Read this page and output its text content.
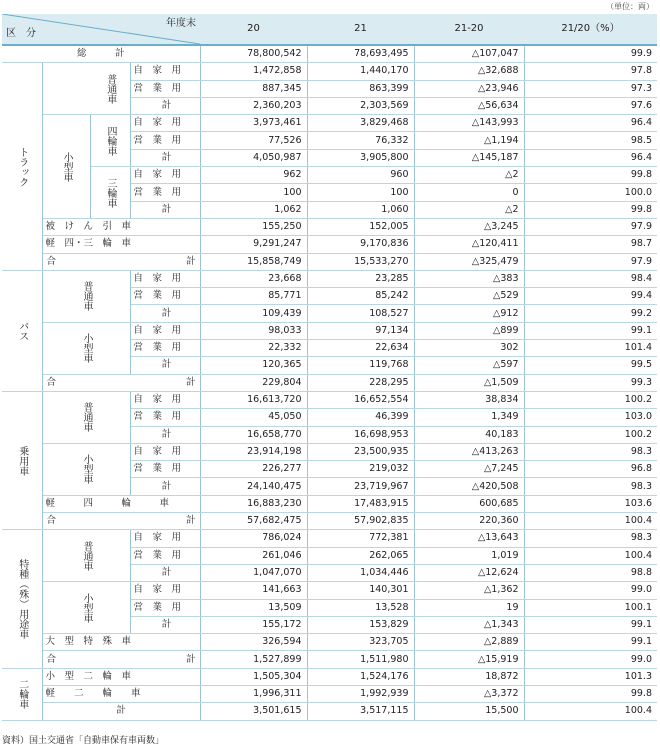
（単位：両）
年度末
区　分				20	21	21-20	21/20（%）
総　　　計				78,800,542	78,693,495	△107,047	99.9
トラック		普通車	自　家　用	1,472,858	1,440,170	△32,688	97.8
			営　業　用	887,345	863,399	△23,946	97.3
			計	2,360,203	2,303,569	△56,634	97.6
	小型車	四輪車	自　家　用	3,973,461	3,829,468	△143,993	96.4
			営　業　用	77,526	76,332	△1,194	98.5
			計	4,050,987	3,905,800	△145,187	96.4
		三輪車	自　家　用	962	960	△2	99.8
			営　業　用	100	100	0	100.0
			計	1,062	1,060	△2	99.8
	被　け　ん　引　車			155,250	152,005	△3,245	97.9
	軽　四・三　輪　車			9,291,247	9,170,836	△120,411	98.7

	合 計			15,858,749	15,533,270	△325,479	97.9
バス	普通車		自　家　用	23,668	23,285	△383	98.4
			営　業　用	85,771	85,242	△529	99.4
			計	109,439	108,527	△912	99.2
	小型車		自　家　用	98,033	97,134	△899	99.1
			営　業　用	22,332	22,634	302	101.4
			計	120,365	119,768	△597	99.5

	合 計			229,804	228,295	△1,509	99.3
乗用車	普通車		自　家　用	16,613,720	16,652,554	38,834	100.2
			営　業　用	45,050	46,399	1,349	103.0
			計	16,658,770	16,698,953	40,183	100.2
	小型車		自　家　用	23,914,198	23,500,935	△413,263	98.3
			営　業　用	226,277	219,032	△7,245	96.8
			計	24,140,475	23,719,967	△420,508	98.3
	軽　　　四　　　輪　　　車			16,883,230	17,483,915	600,685	103.6

	合 計			57,682,475	57,902,835	220,360	100.4
特種（殊）用途車	普通車		自　家　用	786,024	772,381	△13,643	98.3
			営　業　用	261,046	262,065	1,019	100.4
			計	1,047,070	1,034,446	△12,624	98.8
	小型車		自　家　用	141,663	140,301	△1,362	99.0
			営　業　用	13,509	13,528	19	100.1
			計	155,172	153,829	△1,343	99.1
	大　型　特　殊　車			326,594	323,705	△2,889	99.1

	合 計			1,527,899	1,511,980	△15,919	99.0
二輪車	小　型　二　輪　車			1,505,304	1,524,176	18,872	101.3
	軽　　二　　輪　　車			1,996,311	1,992,939	△3,372	99.8
	計			3,501,615	3,517,115	15,500	100.4
資料）国土交通省「自動車保有車両数」
